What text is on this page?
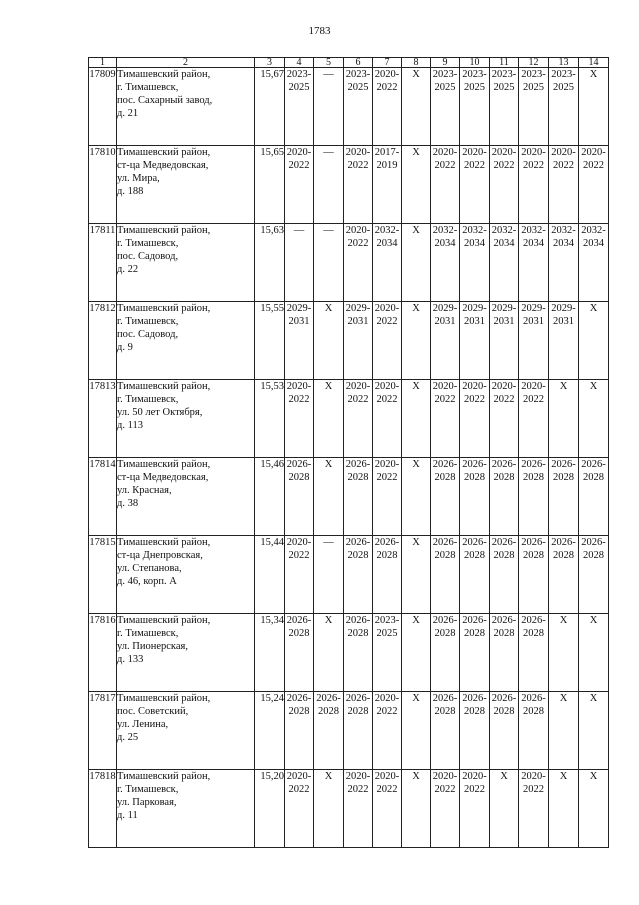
1783
1	2	3	4	5	6	7	8	9	10	11	12	13	14
17809	Тимашевский район,
г. Тимашевск,
пос. Сахарный завод,
д. 21	15,67	2023-
2025	—	2023-
2025	2020-
2022	X	2023-
2025	2023-
2025	2023-
2025	2023-
2025	2023-
2025	X

17810	Тимашевский район,
ст-ца Медведовская,
ул. Мира,
д. 188	15,65	2020-
2022	—	2020-
2022	2017-
2019	X	2020-
2022	2020-
2022	2020-
2022	2020-
2022	2020-
2022	2020-
2022

17811	Тимашевский район,
г. Тимашевск,
пос. Садовод,
д. 22	15,63	—	—	2020-
2022	2032-
2034	X	2032-
2034	2032-
2034	2032-
2034	2032-
2034	2032-
2034	2032-
2034

17812	Тимашевский район,
г. Тимашевск,
пос. Садовод,
д. 9	15,55	2029-
2031	X	2029-
2031	2020-
2022	X	2029-
2031	2029-
2031	2029-
2031	2029-
2031	2029-
2031	X

17813	Тимашевский район,
г. Тимашевск,
ул. 50 лет Октября,
д. 113	15,53	2020-
2022	X	2020-
2022	2020-
2022	X	2020-
2022	2020-
2022	2020-
2022	2020-
2022	X	X

17814	Тимашевский район,
ст-ца Медведовская,
ул. Красная,
д. 38	15,46	2026-
2028	X	2026-
2028	2020-
2022	X	2026-
2028	2026-
2028	2026-
2028	2026-
2028	2026-
2028	2026-
2028

17815	Тимашевский район,
ст-ца Днепровская,
ул. Степанова,
д. 46, корп. А	15,44	2020-
2022	—	2026-
2028	2026-
2028	X	2026-
2028	2026-
2028	2026-
2028	2026-
2028	2026-
2028	2026-
2028

17816	Тимашевский район,
г. Тимашевск,
ул. Пионерская,
д. 133	15,34	2026-
2028	X	2026-
2028	2023-
2025	X	2026-
2028	2026-
2028	2026-
2028	2026-
2028	X	X

17817	Тимашевский район,
пос. Советский,
ул. Ленина,
д. 25	15,24	2026-
2028	2026-
2028	2026-
2028	2020-
2022	X	2026-
2028	2026-
2028	2026-
2028	2026-
2028	X	X

17818	Тимашевский район,
г. Тимашевск,
ул. Парковая,
д. 11	15,20	2020-
2022	X	2020-
2022	2020-
2022	X	2020-
2022	2020-
2022	X	2020-
2022	X	X
